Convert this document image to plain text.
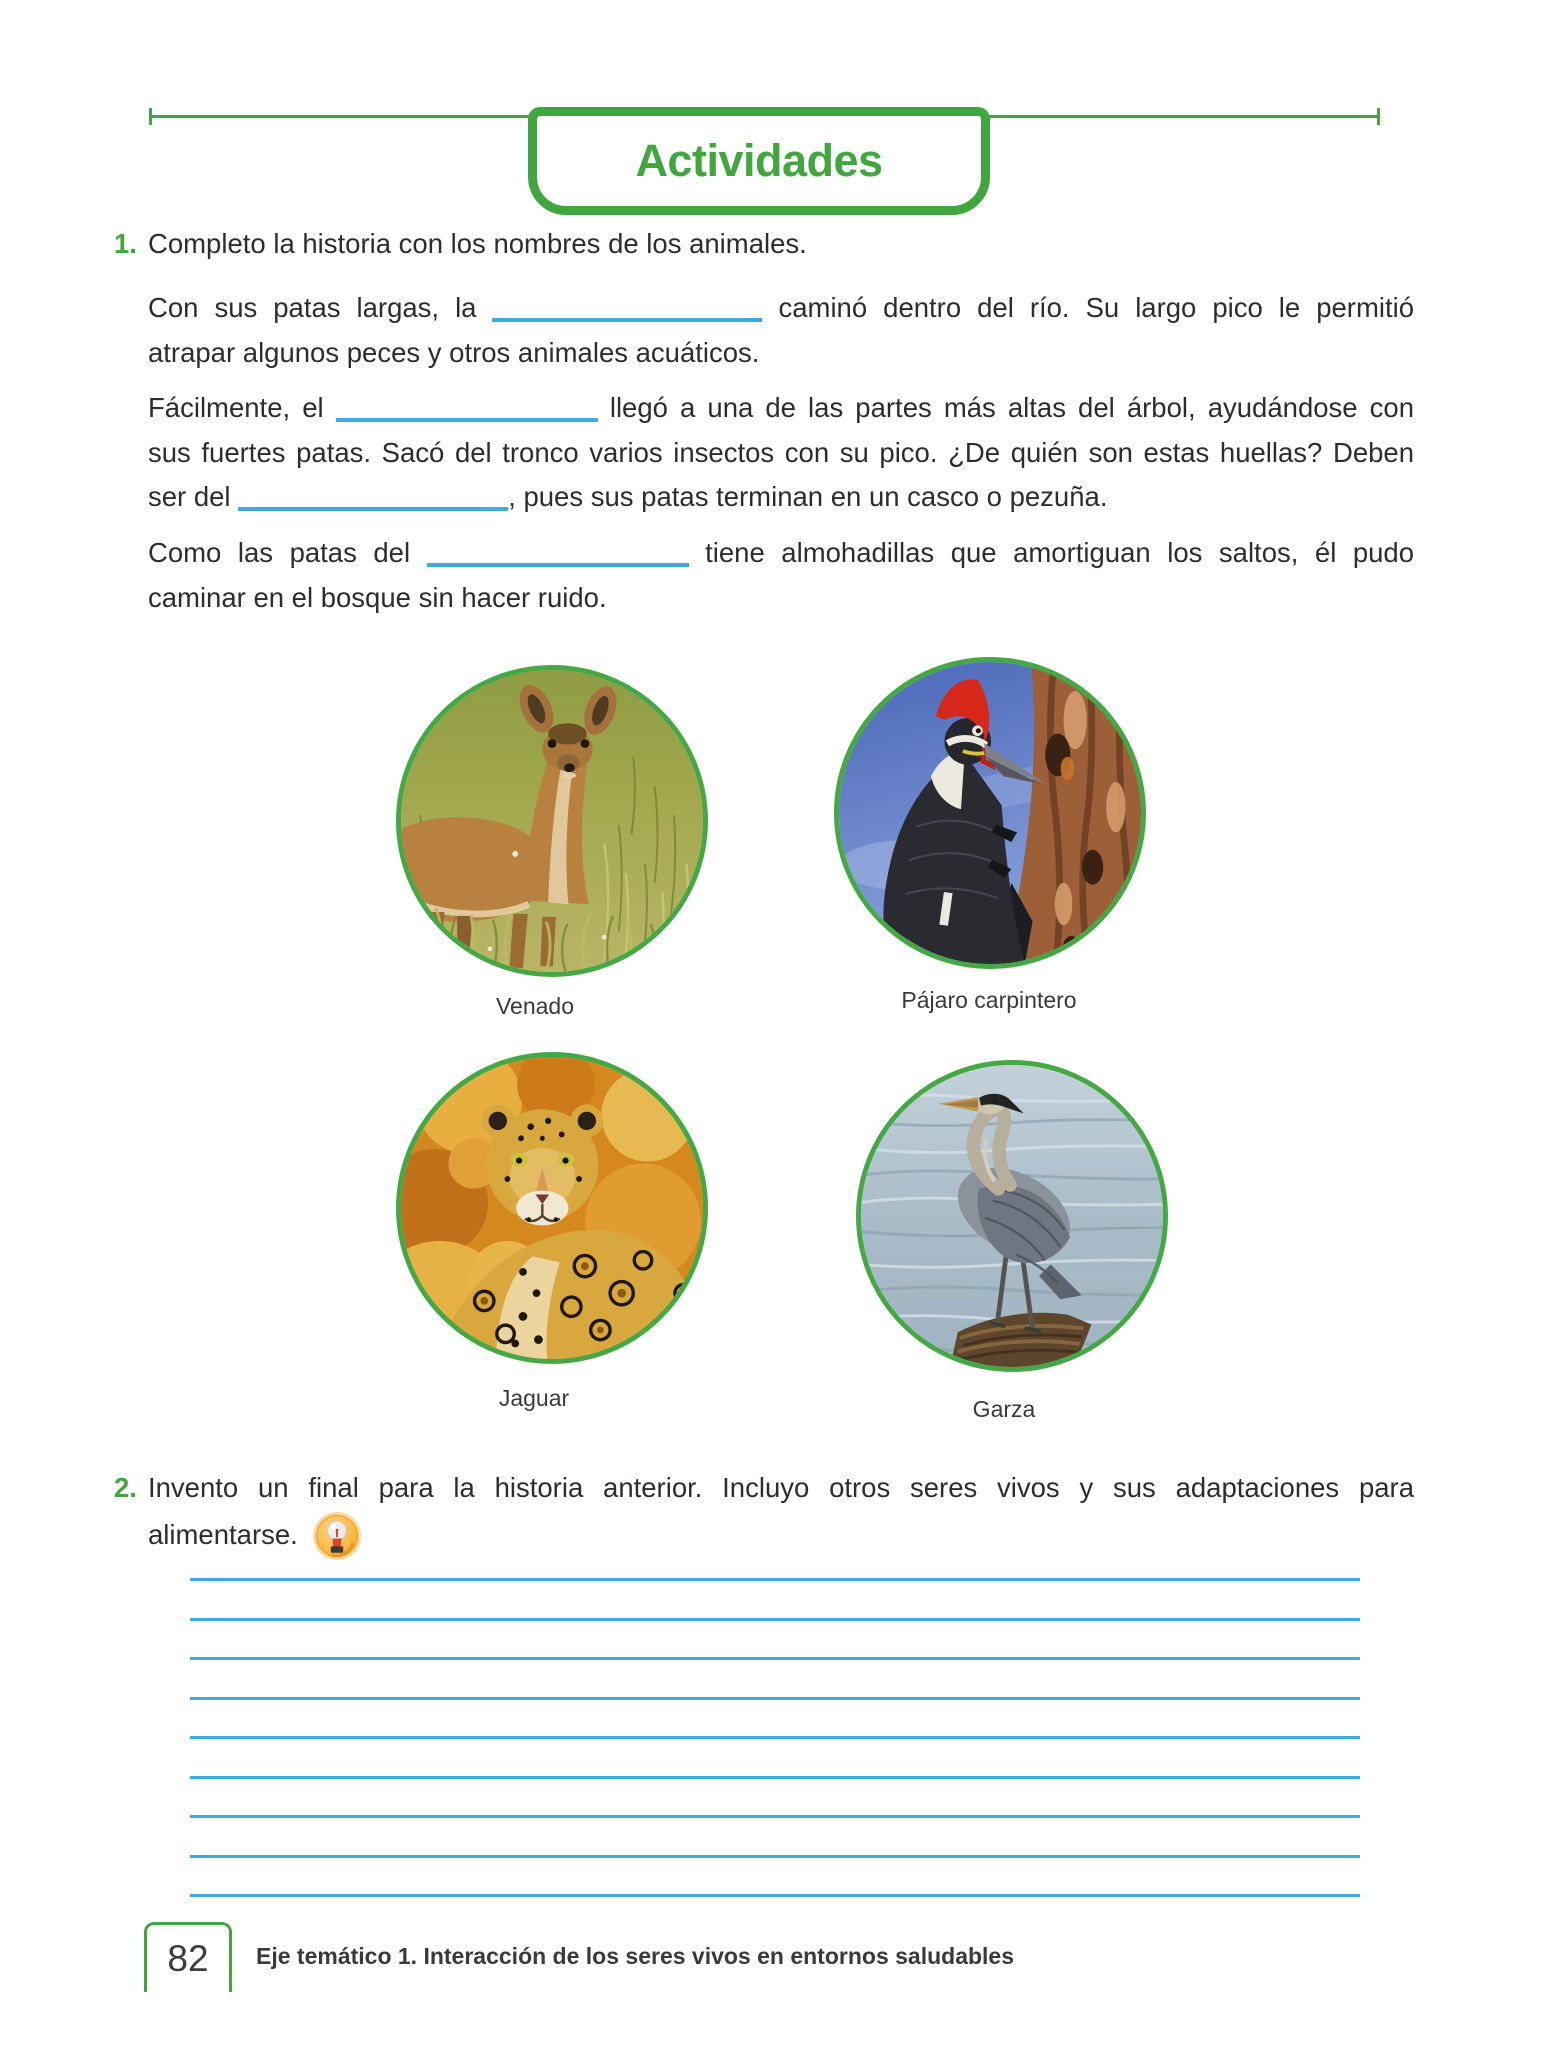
Actividades
1. Completo la historia con los nombres de los animales.
Con sus patas largas, la	caminó dentro del río. Su largo pico le permitió
atrapar algunos peces y otros animales acuáticos.
Fácilmente, el	llegó a una de las partes más altas del árbol, ayudándose con
sus fuertes patas. Sacó del tronco varios insectos con su pico. ¿De quién son estas huellas? Deben
ser del	, pues sus patas terminan en un casco o pezuña.
Como las patas del	tiene almohadillas que amortiguan los saltos, él pudo
caminar en el bosque sin hacer ruido.
Venado	Pájaro carpintero
Jaguar	Garza
2. Invento un final para la historia anterior. Incluyo otros seres vivos y sus adaptaciones para
alimentarse.
82 Eje temático 1. Interacción de los seres vivos en entornos saludables
